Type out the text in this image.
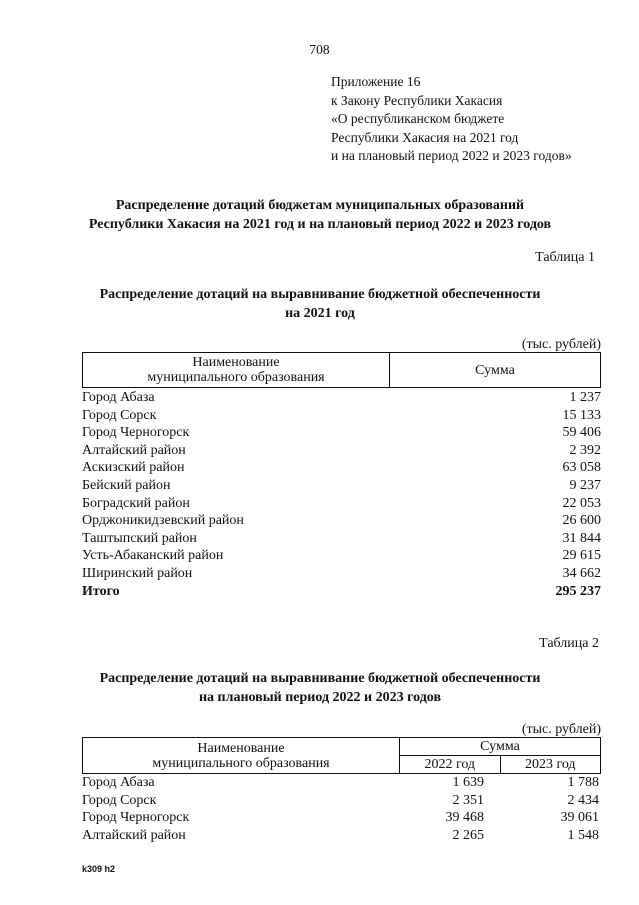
708
Приложение 16
к Закону Республики Хакасия
«О республиканском бюджете
Республики Хакасия на 2021 год
и на плановый период 2022 и 2023 годов»
Распределение дотаций бюджетам муниципальных образований
Республики Хакасия на 2021 год и на плановый период 2022 и 2023 годов
Таблица 1
Распределение дотаций на выравнивание бюджетной обеспеченности
на 2021 год
(тыс. рублей)
Наименование
муниципального образования	Сумма
Город Абаза	1 237
Город Сорск	15 133
Город Черногорск	59 406
Алтайский район	2 392
Аскизский район	63 058
Бейский район	9 237
Боградский район	22 053
Орджоникидзевский район	26 600
Таштыпский район	31 844
Усть-Абаканский район	29 615
Ширинский район	34 662
Итого	295 237
Таблица 2
Распределение дотаций на выравнивание бюджетной обеспеченности
на плановый период 2022 и 2023 годов
(тыс. рублей)
Наименование
муниципального образования	Сумма	
	2022 год	2023 год
Город Абаза	1 639	1 788
Город Сорск	2 351	2 434
Город Черногорск	39 468	39 061
Алтайский район	2 265	1 548
k309 h2
